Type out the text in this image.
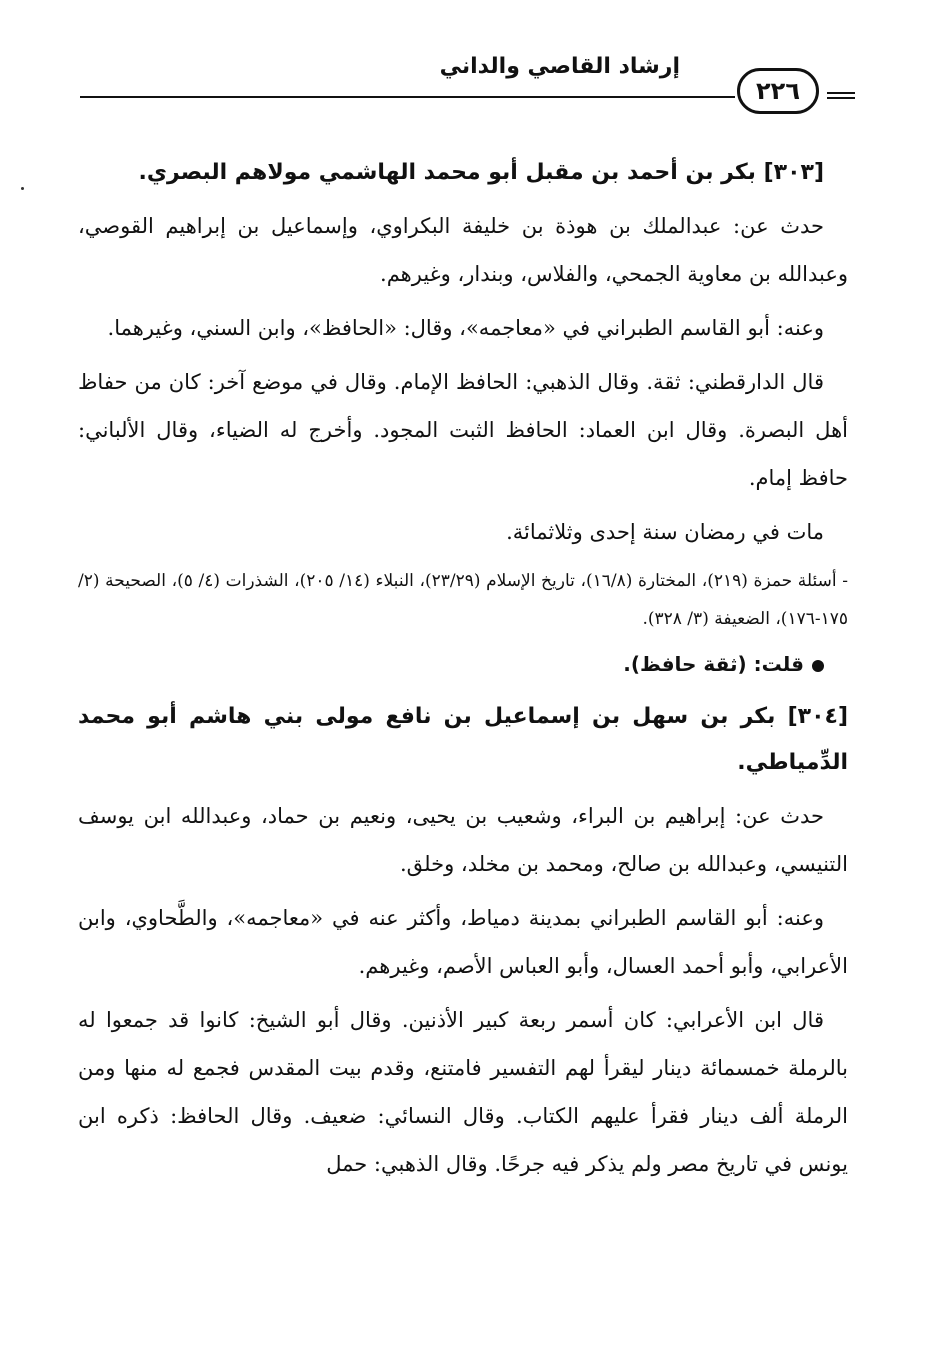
إرشاد القاصي والداني
٢٢٦
[٣٠٣] بكر بن أحمد بن مقبل أبو محمد الهاشمي مولاهم البصري.

حدث عن: عبدالملك بن هوذة بن خليفة البكراوي، وإسماعيل بن إبراهيم القوصي، وعبدالله بن معاوية الجمحي، والفلاس، وبندار، وغيرهم.

وعنه: أبو القاسم الطبراني في «معاجمه»، وقال: «الحافظ»، وابن السني، وغيرهما.

قال الدارقطني: ثقة. وقال الذهبي: الحافظ الإمام. وقال في موضع آخر: كان من حفاظ أهل البصرة. وقال ابن العماد: الحافظ الثبت المجود. وأخرج له الضياء، وقال الألباني: حافظ إمام.

مات في رمضان سنة إحدى وثلاثمائة.

- أسئلة حمزة (٢١٩)، المختارة (١٦/٨)، تاريخ الإسلام (٢٣/٢٩)، النبلاء (١٤/ ٢٠٥)، الشذرات (٤/ ٥)، الصحيحة (٢/ ١٧٥-١٧٦)، الضعيفة (٣/ ٣٢٨).

قلت: (ثقة حافظ).
[٣٠٤] بكر بن سهل بن إسماعيل بن نافع مولى بني هاشم أبو محمد الدِّمياطي.

حدث عن: إبراهيم بن البراء، وشعيب بن يحيى، ونعيم بن حماد، وعبدالله ابن يوسف التنيسي، وعبدالله بن صالح، ومحمد بن مخلد، وخلق.

وعنه: أبو القاسم الطبراني بمدينة دمياط، وأكثر عنه في «معاجمه»، والطَّحاوي، وابن الأعرابي، وأبو أحمد العسال، وأبو العباس الأصم، وغيرهم.

قال ابن الأعرابي: كان أسمر ربعة كبير الأذنين. وقال أبو الشيخ: كانوا قد جمعوا له بالرملة خمسمائة دينار ليقرأ لهم التفسير فامتنع، وقدم بيت المقدس فجمع له منها ومن الرملة ألف دينار فقرأ عليهم الكتاب. وقال النسائي: ضعيف. وقال الحافظ: ذكره ابن يونس في تاريخ مصر ولم يذكر فيه جرحًا. وقال الذهبي: حمل
